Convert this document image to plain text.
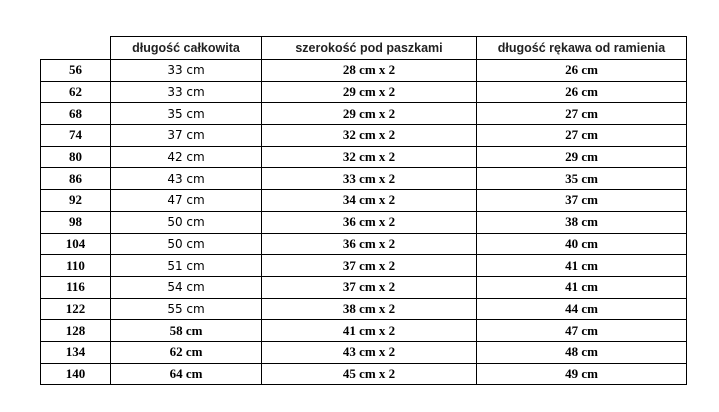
	długość całkowita	szerokość pod paszkami	długość rękawa od ramienia
56	33 cm	28 cm x 2	26 cm
62	33 cm	29 cm x 2	26 cm
68	35 cm	29 cm x 2	27 cm
74	37 cm	32 cm x 2	27 cm
80	42 cm	32 cm x 2	29 cm
86	43 cm	33 cm x 2	35 cm
92	47 cm	34 cm x 2	37 cm
98	50 cm	36 cm x 2	38 cm
104	50 cm	36 cm x 2	40 cm
110	51 cm	37 cm x 2	41 cm
116	54 cm	37 cm x 2	41 cm
122	55 cm	38 cm x 2	44 cm
128	58 cm	41 cm x 2	47 cm
134	62 cm	43 cm x 2	48 cm
140	64 cm	45 cm x 2	49 cm
